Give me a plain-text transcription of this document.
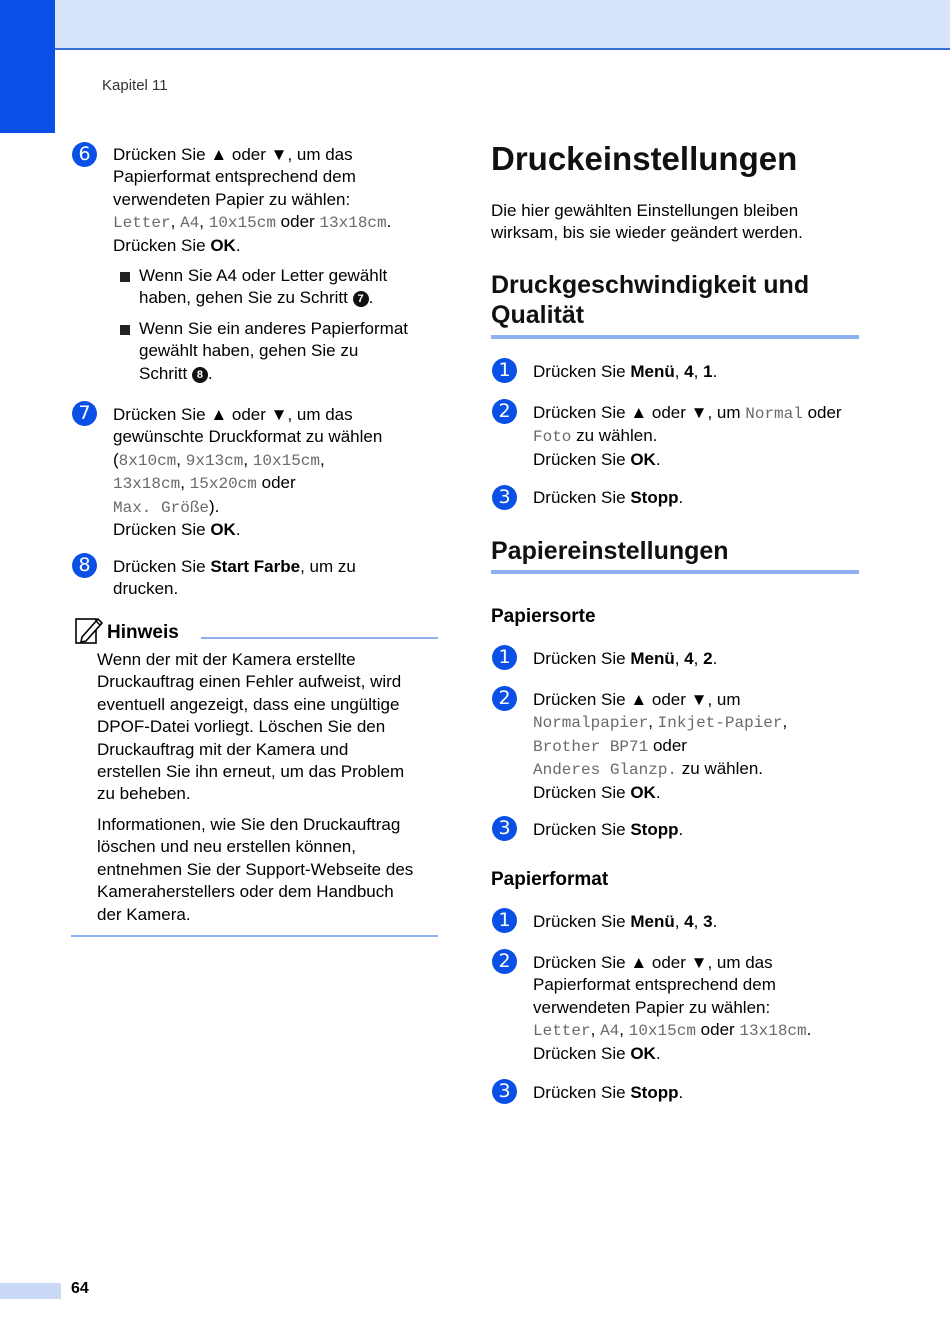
Kapitel 11
6	Drücken Sie ▲ oder ▼, um das
Papierformat entsprechend dem
verwendeten Papier zu wählen:
Letter, A4, 10x15cm oder 13x18cm.
Drücken Sie OK.
Wenn Sie A4 oder Letter gewählt
haben, gehen Sie zu Schritt 7 .
Wenn Sie ein anderes Papierformat
gewählt haben, gehen Sie zu
Schritt 8 .
7	Drücken Sie ▲ oder ▼, um das
gewünschte Druckformat zu wählen
(8x10cm, 9x13cm, 10x15cm,
13x18cm, 15x20cm oder
Max. Größe).
Drücken Sie OK.
8	Drücken Sie Start Farbe, um zu
drucken.
Hinweis
Wenn der mit der Kamera erstellte
Druckauftrag einen Fehler aufweist, wird
eventuell angezeigt, dass eine ungültige
DPOF-Datei vorliegt. Löschen Sie den
Druckauftrag mit der Kamera und
erstellen Sie ihn erneut, um das Problem
zu beheben.
Informationen, wie Sie den Druckauftrag
löschen und neu erstellen können,
entnehmen Sie der Support-Webseite des
Kameraherstellers oder dem Handbuch
der Kamera.
Druckeinstellungen
Die hier gewählten Einstellungen bleiben
wirksam, bis sie wieder geändert werden.
Druckgeschwindigkeit und
Qualität
1	Drücken Sie Menü, 4, 1.
2	Drücken Sie ▲ oder ▼, um Normal oder
Foto zu wählen.
Drücken Sie OK.
3	Drücken Sie Stopp.
Papiereinstellungen
Papiersorte
1	Drücken Sie Menü, 4, 2.
2	Drücken Sie ▲ oder ▼, um
Normalpapier, Inkjet-Papier,
Brother BP71 oder
Anderes Glanzp. zu wählen.
Drücken Sie OK.
3	Drücken Sie Stopp.
Papierformat
1	Drücken Sie Menü, 4, 3.
2	Drücken Sie ▲ oder ▼, um das
Papierformat entsprechend dem
verwendeten Papier zu wählen:
Letter, A4, 10x15cm oder 13x18cm.
Drücken Sie OK.
3	Drücken Sie Stopp.
64
